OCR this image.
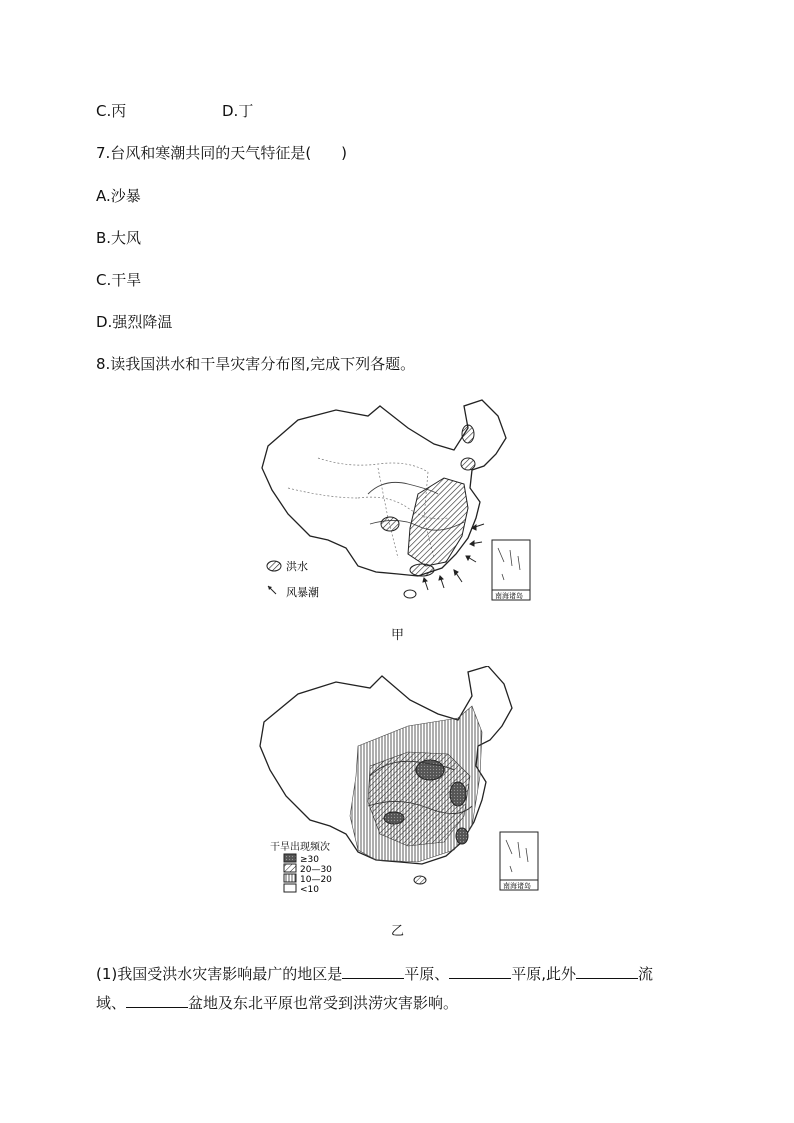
C.丙	D.丁
7.台风和寒潮共同的天气特征是(　　)
A.沙暴
B.大风
C.干旱
D.强烈降温
8.读我国洪水和干旱灾害分布图,完成下列各题。
洪水
风暴潮	南海诸岛
甲
干旱出现频次
≥30
20—30
10—20
<10	南海诸岛
乙
(1)我国受洪水灾害影响最广的地区是	平原、	平原,此外	流
域、	盆地及东北平原也常受到洪涝灾害影响。
